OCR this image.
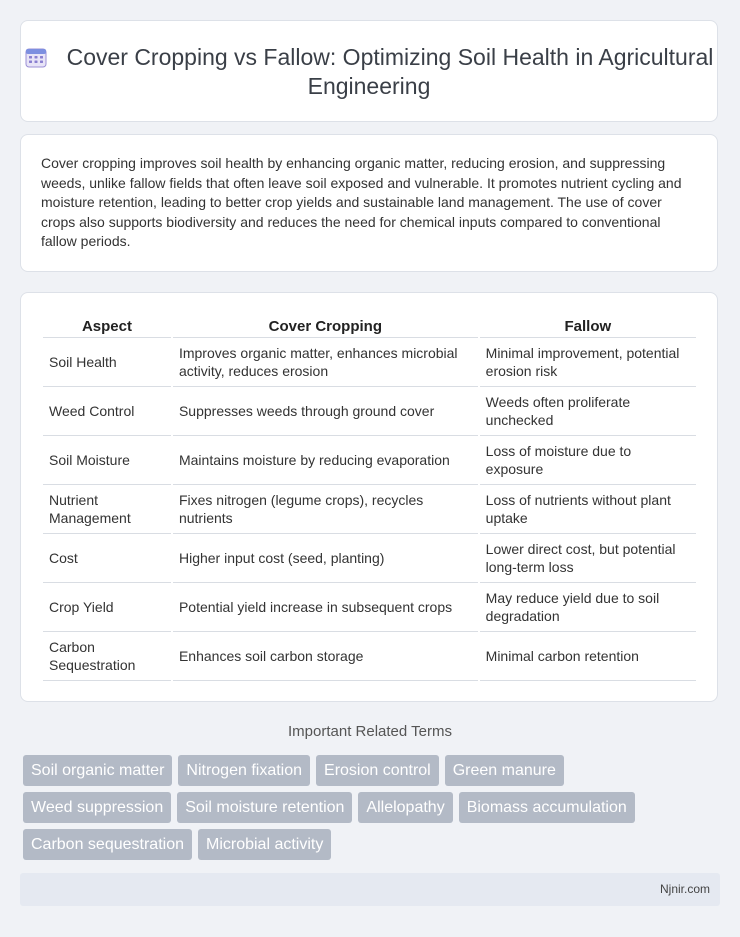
Cover Cropping vs Fallow: Optimizing Soil Health in Agricultural Engineering
Cover cropping improves soil health by enhancing organic matter, reducing erosion, and suppressing weeds, unlike fallow fields that often leave soil exposed and vulnerable. It promotes nutrient cycling and moisture retention, leading to better crop yields and sustainable land management. The use of cover crops also supports biodiversity and reduces the need for chemical inputs compared to conventional fallow periods.
Aspect	Cover Cropping	Fallow
Soil Health	Improves organic matter, enhances microbial activity, reduces erosion	Minimal improvement, potential erosion risk
Weed Control	Suppresses weeds through ground cover	Weeds often proliferate unchecked
Soil Moisture	Maintains moisture by reducing evaporation	Loss of moisture due to exposure
Nutrient Management	Fixes nitrogen (legume crops), recycles nutrients	Loss of nutrients without plant uptake
Cost	Higher input cost (seed, planting)	Lower direct cost, but potential long-term loss
Crop Yield	Potential yield increase in subsequent crops	May reduce yield due to soil degradation
Carbon Sequestration	Enhances soil carbon storage	Minimal carbon retention
Important Related Terms
Soil organic matter	Nitrogen fixation	Erosion control	Green manure
Weed suppression	Soil moisture retention	Allelopathy	Biomass accumulation
Carbon sequestration	Microbial activity
Njnir.com
